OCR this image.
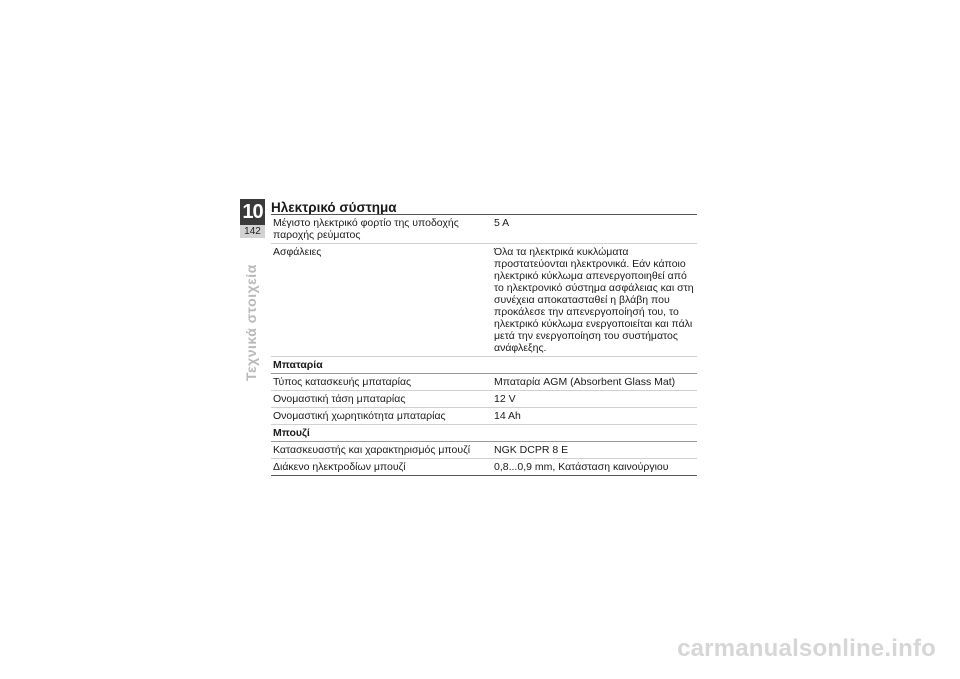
10
142
Τεχνικά στοιχεία
Ηλεκτρικό σύστημα
Μέγιστο ηλεκτρικό φορτίο της υποδοχής παροχής ρεύματος	5 A
Ασφάλειες	Όλα τα ηλεκτρικά κυκλώματα προστατεύονται ηλεκτρονικά. Εάν κάποιο ηλεκτρικό κύκλωμα απενεργοποιηθεί από το ηλεκτρονικό σύστημα ασφάλειας και στη συνέχεια αποκατασταθεί η βλάβη που προκάλεσε την απενεργοποίησή του, το ηλεκτρικό κύκλωμα ενεργοποιείται και πάλι μετά την ενεργοποίηση του συστήματος ανάφλεξης.
Μπαταρία	
Τύπος κατασκευής μπαταρίας	Μπαταρία AGM (Absorbent Glass Mat)
Ονομαστική τάση μπαταρίας	12 V
Ονομαστική χωρητικότητα μπαταρίας	14 Ah
Μπουζί	
Κατασκευαστής και χαρακτηρισμός μπουζί	NGK DCPR 8 E
Διάκενο ηλεκτροδίων μπουζί	0,8...0,9 mm, Κατάσταση καινούργιου
carmanualsonline.info
